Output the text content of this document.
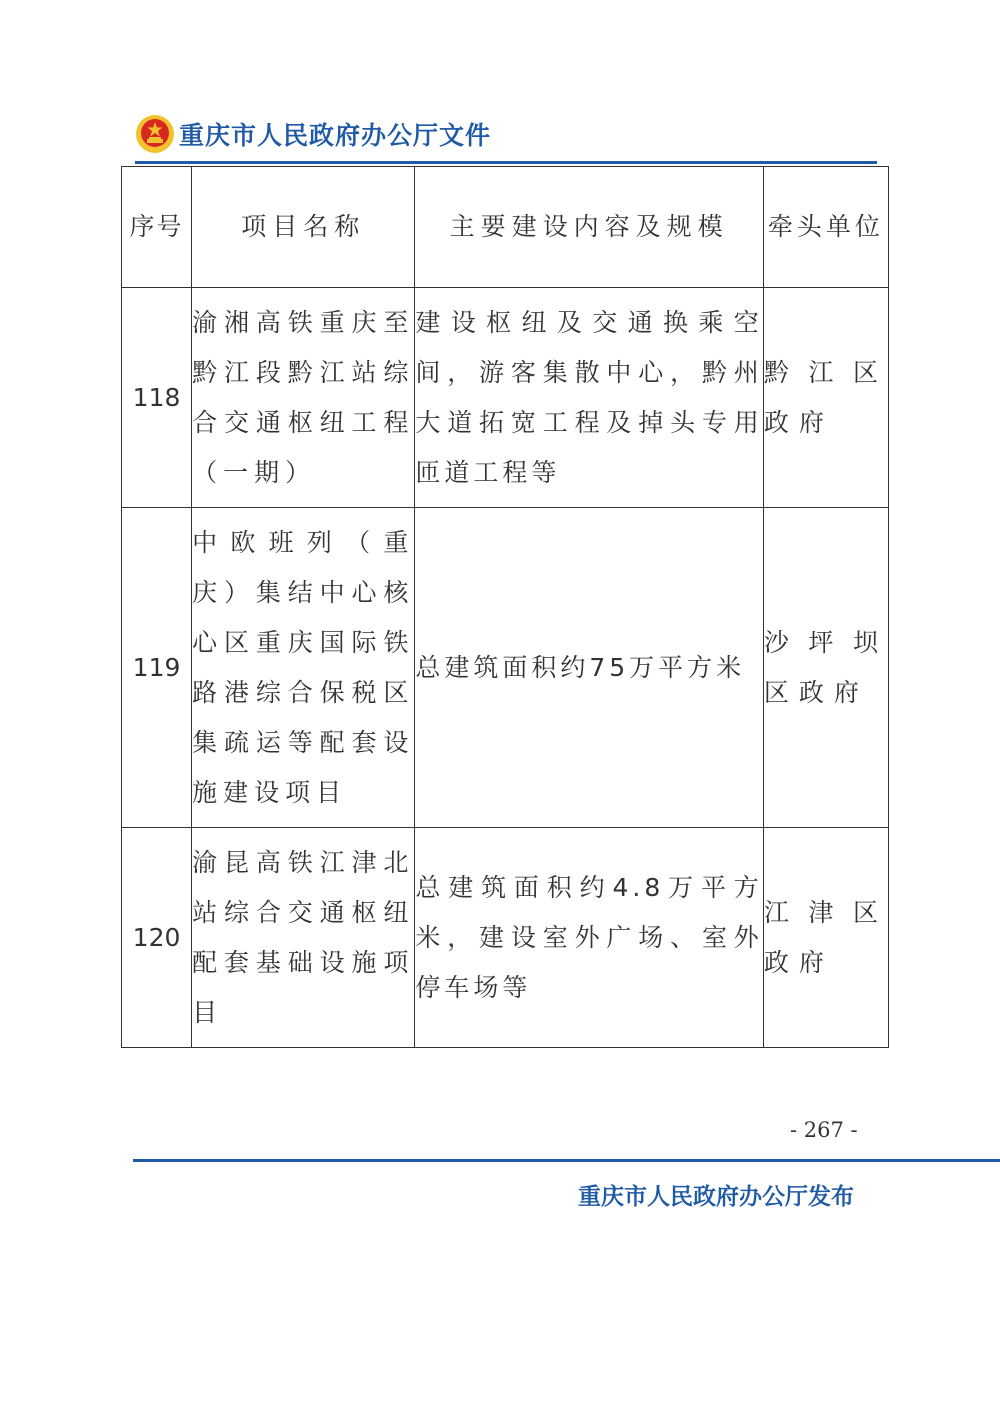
重庆市人民政府办公厅文件
序号	项目名称	主要建设内容及规模	牵头单位
118	渝湘高铁重庆至黔江段黔江站综合交通枢纽工程（一期）	建设枢纽及交通换乘空间，游客集散中心，黔州大道拓宽工程及掉头专用匝道工程等	黔江区政府
119	中欧班列（重庆）集结中心核心区重庆国际铁路港综合保税区集疏运等配套设施建设项目	总建筑面积约75万平方米	沙坪坝区政府
120	渝昆高铁江津北站综合交通枢纽配套基础设施项目	总建筑面积约4.8万平方米，建设室外广场、室外停车场等	江津区政府
- 267 -
重庆市人民政府办公厅发布
